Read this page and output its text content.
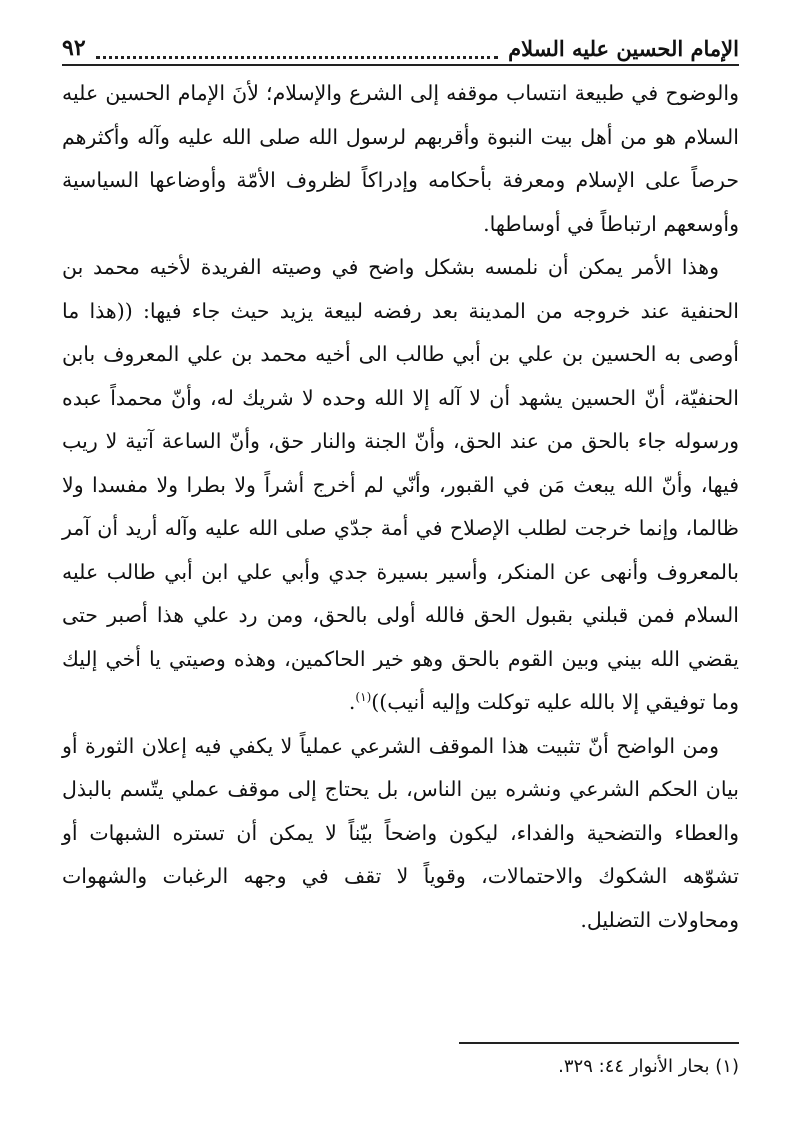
الإمام الحسين عليه السلام
٩٢

والوضوح في طبيعة انتساب موقفه إلى الشرع والإسلام؛ لأنَ الإمام الحسين عليه السلام هو من أهل بيت النبوة وأقربهم لرسول الله صلى الله عليه وآله وأكثرهم حرصاً على الإسلام ومعرفة بأحكامه وإدراكاً لظروف الأمّة وأوضاعها السياسية وأوسعهم ارتباطاً في أوساطها.

وهذا الأمر يمكن أن نلمسه بشكل واضح في وصيته الفريدة لأخيه محمد بن الحنفية عند خروجه من المدينة بعد رفضه لبيعة يزيد حيث جاء فيها: ((هذا ما أوصى به الحسين بن علي بن أبي طالب الى أخيه محمد بن علي المعروف بابن الحنفيّة، أنّ الحسين يشهد أن لا آله إلا الله وحده لا شريك له، وأنّ محمداً عبده ورسوله جاء بالحق من عند الحق، وأنّ الجنة والنار حق، وأنّ الساعة آتية لا ريب فيها، وأنّ الله يبعث مَن في القبور، وأنّي لم أخرج أشراً ولا بطرا ولا مفسدا ولا ظالما، وإنما خرجت لطلب الإصلاح في أمة جدّي صلى الله عليه وآله أريد أن آمر بالمعروف وأنهى عن المنكر، وأسير بسيرة جدي وأبي علي ابن أبي طالب عليه السلام فمن قبلني بقبول الحق فالله أولى بالحق، ومن رد علي هذا أصبر حتى يقضي الله بيني وبين القوم بالحق وهو خير الحاكمين، وهذه وصيتي يا أخي إليك وما توفيقي إلا بالله عليه توكلت وإليه أنيب))$^{(١)}$.

ومن الواضح أنّ تثبيت هذا الموقف الشرعي عملياً لا يكفي فيه إعلان الثورة أو بيان الحكم الشرعي ونشره بين الناس، بل يحتاج إلى موقف عملي يتّسم بالبذل والعطاء والتضحية والفداء، ليكون واضحاً بيّناً لا يمكن أن تستره الشبهات أو تشوّهه الشكوك والاحتمالات، وقوياً لا تقف في وجهه الرغبات والشهوات ومحاولات التضليل.

(١) بحار الأنوار ٤٤: ٣٢٩.
